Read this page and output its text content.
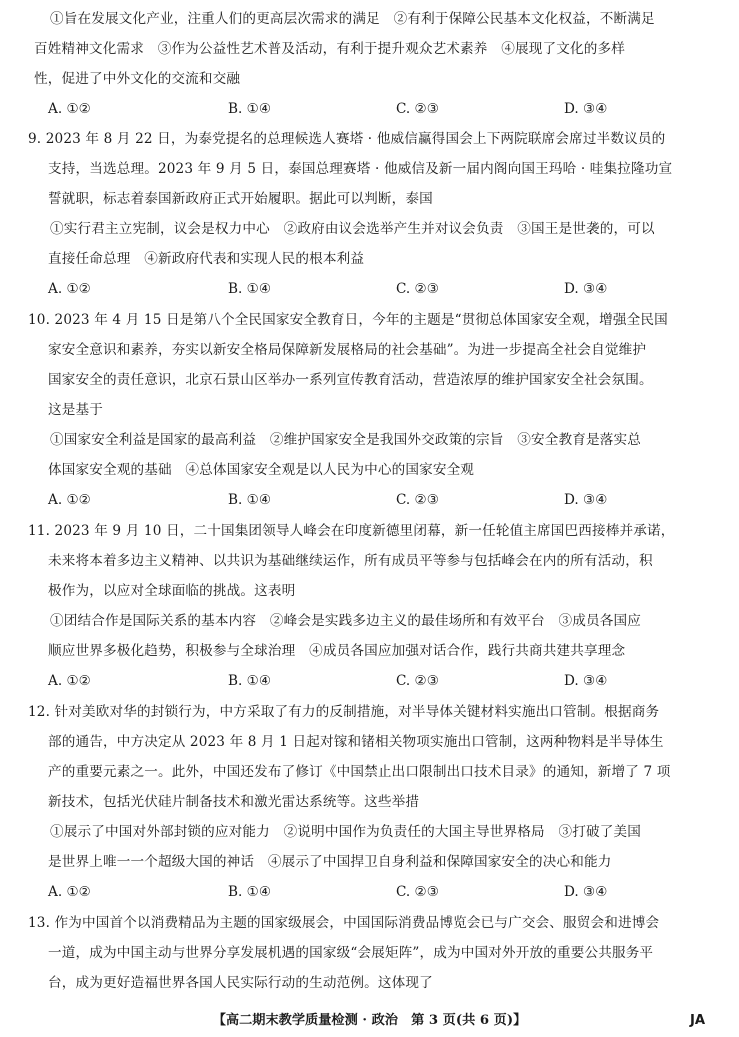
①旨在发展文化产业，注重人们的更高层次需求的满足　②有利于保障公民基本文化权益，不断满足
百姓精神文化需求　③作为公益性艺术普及活动，有利于提升观众艺术素养　④展现了文化的多样
性，促进了中外文化的交流和交融
A. ①②	B. ①④	C. ②③	D. ③④
9. 2023 年 8 月 22 日，为泰党提名的总理候选人赛塔 · 他威信赢得国会上下两院联席会席过半数议员的
支持，当选总理。2023 年 9 月 5 日，泰国总理赛塔 · 他威信及新一届内阁向国王玛哈 · 哇集拉隆功宣
誓就职，标志着泰国新政府正式开始履职。据此可以判断，泰国
①实行君主立宪制，议会是权力中心　②政府由议会选举产生并对议会负责　③国王是世袭的，可以
直接任命总理　④新政府代表和实现人民的根本利益
A. ①②	B. ①④	C. ②③	D. ③④
10. 2023 年 4 月 15 日是第八个全民国家安全教育日，今年的主题是“贯彻总体国家安全观，增强全民国
家安全意识和素养，夯实以新安全格局保障新发展格局的社会基础”。为进一步提高全社会自觉维护
国家安全的责任意识，北京石景山区举办一系列宣传教育活动，营造浓厚的维护国家安全社会氛围。
这是基于
①国家安全利益是国家的最高利益　②维护国家安全是我国外交政策的宗旨　③安全教育是落实总
体国家安全观的基础　④总体国家安全观是以人民为中心的国家安全观
A. ①②	B. ①④	C. ②③	D. ③④
11. 2023 年 9 月 10 日，二十国集团领导人峰会在印度新德里闭幕，新一任轮值主席国巴西接棒并承诺，
未来将本着多边主义精神、以共识为基础继续运作，所有成员平等参与包括峰会在内的所有活动，积
极作为，以应对全球面临的挑战。这表明
①团结合作是国际关系的基本内容　②峰会是实践多边主义的最佳场所和有效平台　③成员各国应
顺应世界多极化趋势，积极参与全球治理　④成员各国应加强对话合作，践行共商共建共享理念
A. ①②	B. ①④	C. ②③	D. ③④
12. 针对美欧对华的封锁行为，中方采取了有力的反制措施，对半导体关键材料实施出口管制。根据商务
部的通告，中方决定从 2023 年 8 月 1 日起对镓和锗相关物项实施出口管制，这两种物料是半导体生
产的重要元素之一。此外，中国还发布了修订《中国禁止出口限制出口技术目录》的通知，新增了 7 项
新技术，包括光伏硅片制备技术和激光雷达系统等。这些举措
①展示了中国对外部封锁的应对能力　②说明中国作为负责任的大国主导世界格局　③打破了美国
是世界上唯一一个超级大国的神话　④展示了中国捍卫自身利益和保障国家安全的决心和能力
A. ①②	B. ①④	C. ②③	D. ③④
13. 作为中国首个以消费精品为主题的国家级展会，中国国际消费品博览会已与广交会、服贸会和进博会
一道，成为中国主动与世界分享发展机遇的国家级“会展矩阵”，成为中国对外开放的重要公共服务平
台，成为更好造福世界各国人民实际行动的生动范例。这体现了
【高二期末教学质量检测 · 政治　第 3 页(共 6 页)】	JA
